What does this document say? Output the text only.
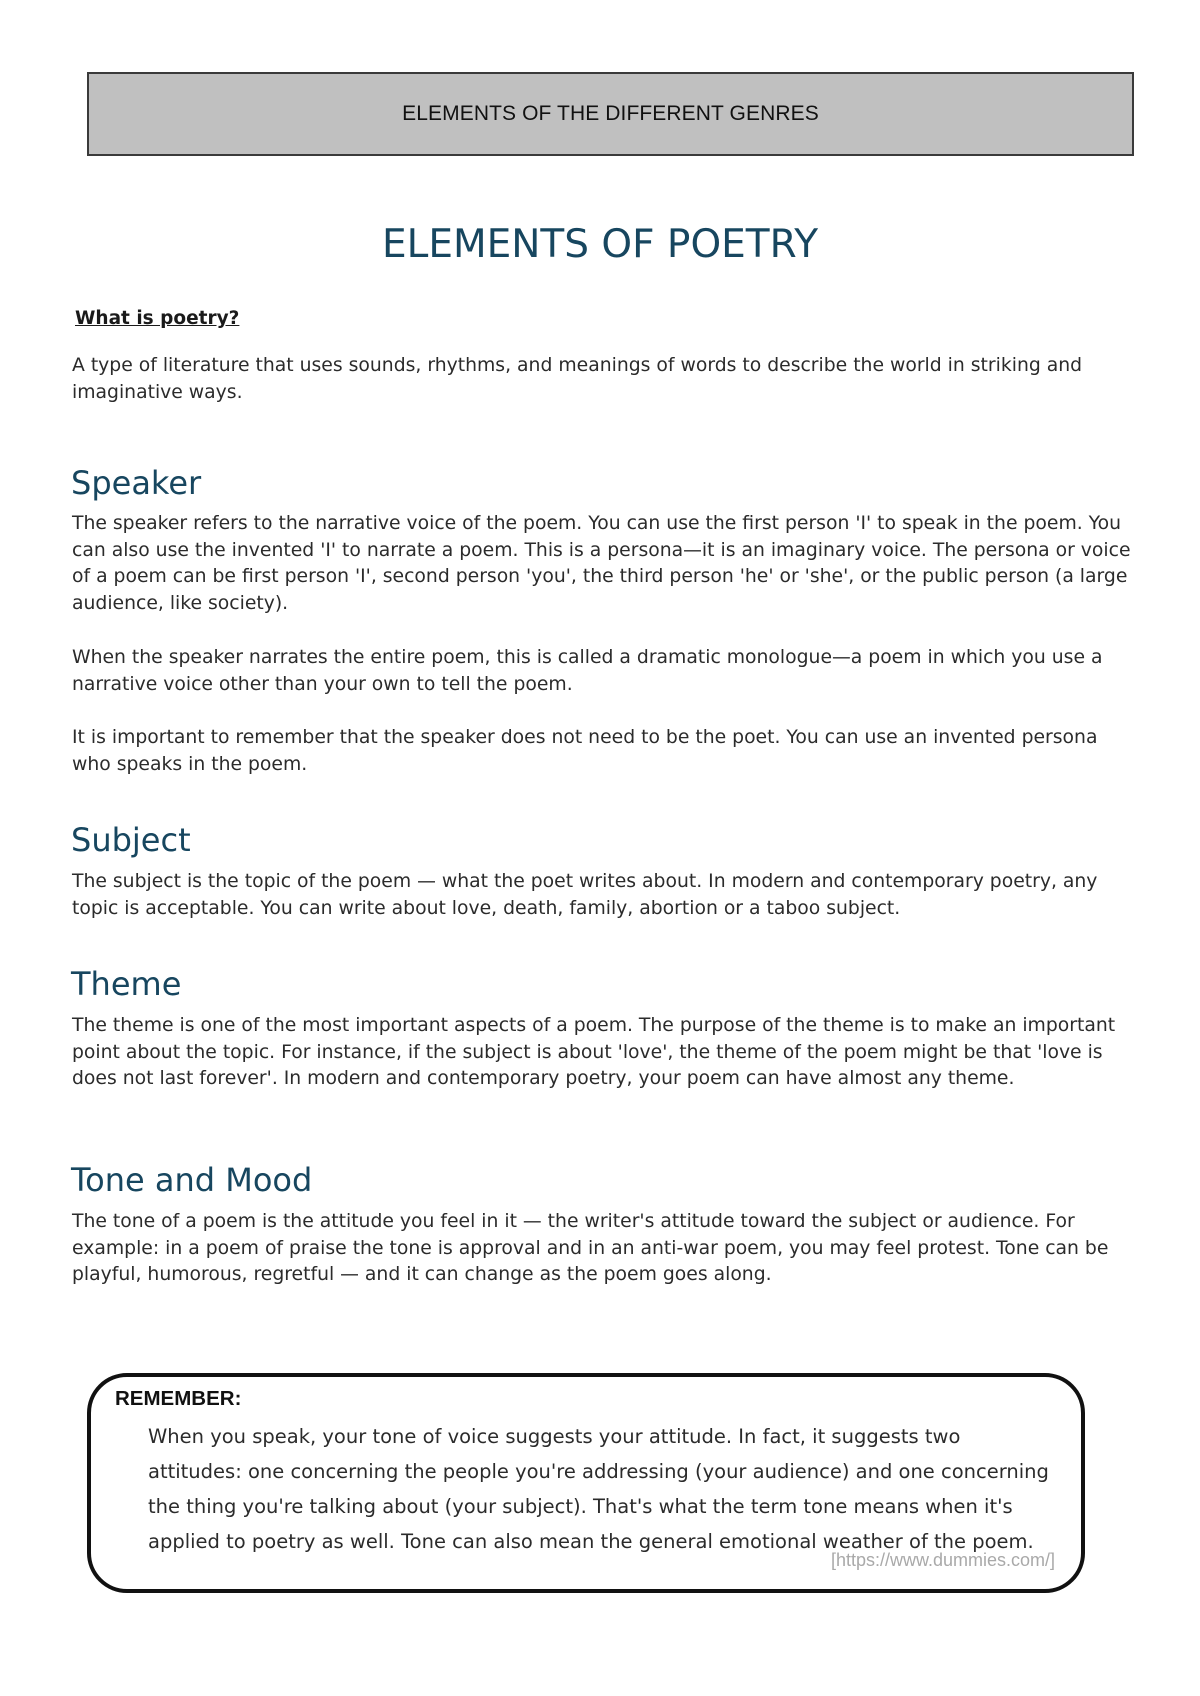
ELEMENTS OF THE DIFFERENT GENRES
ELEMENTS OF POETRY

What is poetry?

A type of literature that uses sounds, rhythms, and meanings of words to describe the world in striking and imaginative ways.

Speaker

The speaker refers to the narrative voice of the poem. You can use the first person 'I' to speak in the poem. You can also use the invented 'I' to narrate a poem. This is a persona—it is an imaginary voice. The persona or voice of a poem can be first person 'I', second person 'you', the third person 'he' or 'she', or the public person (a large audience, like society).

When the speaker narrates the entire poem, this is called a dramatic monologue—a poem in which you use a narrative voice other than your own to tell the poem.

It is important to remember that the speaker does not need to be the poet. You can use an invented persona who speaks in the poem.

Subject

The subject is the topic of the poem — what the poet writes about. In modern and contemporary poetry, any topic is acceptable. You can write about love, death, family, abortion or a taboo subject.

Theme

The theme is one of the most important aspects of a poem. The purpose of the theme is to make an important point about the topic. For instance, if the subject is about 'love', the theme of the poem might be that 'love is does not last forever'. In modern and contemporary poetry, your poem can have almost any theme.

Tone and Mood

The tone of a poem is the attitude you feel in it — the writer's attitude toward the subject or audience. For example: in a poem of praise the tone is approval and in an anti-war poem, you may feel protest. Tone can be playful, humorous, regretful — and it can change as the poem goes along.

REMEMBER:

When you speak, your tone of voice suggests your attitude. In fact, it suggests two attitudes: one concerning the people you're addressing (your audience) and one concerning the thing you're talking about (your subject). That's what the term tone means when it's applied to poetry as well. Tone can also mean the general emotional weather of the poem.

[https://www.dummies.com/]
